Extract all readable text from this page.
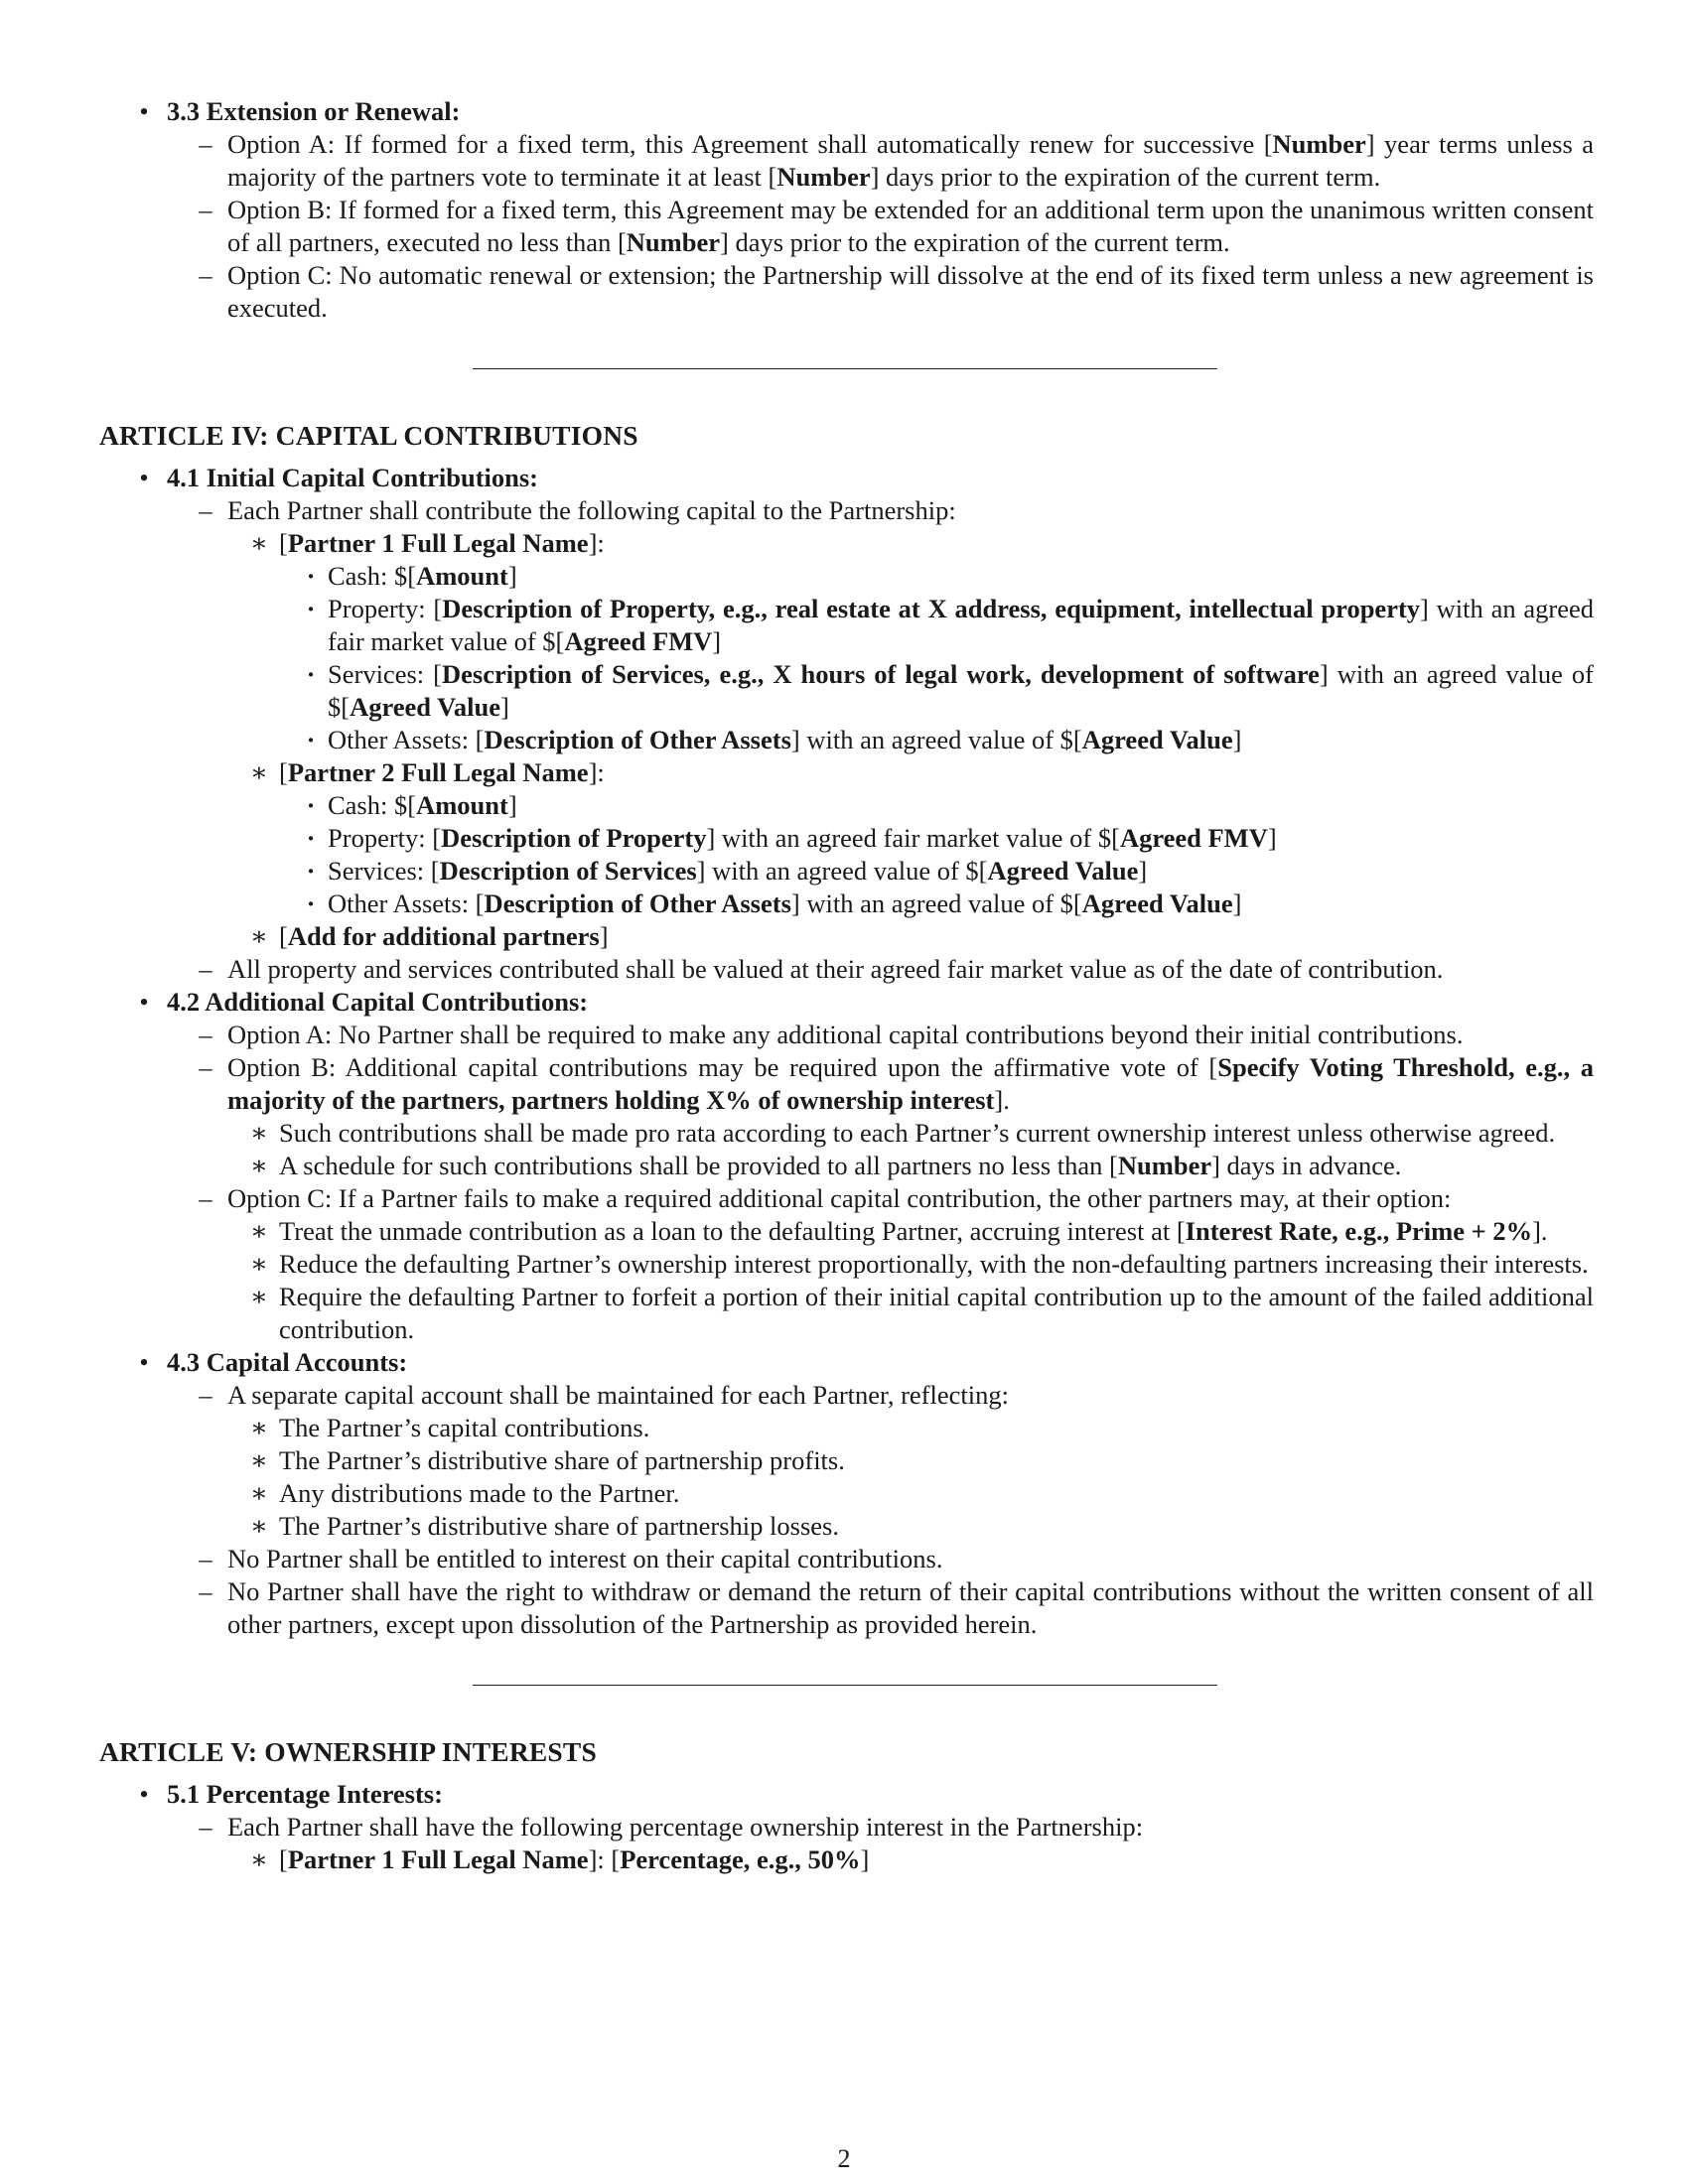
• 3.3 Extension or Renewal:
– Option A: If formed for a fixed term, this Agreement shall automatically renew for successive [Number] year terms unless a majority of the partners vote to terminate it at least [Number] days prior to the expiration of the current term.
– Option B: If formed for a fixed term, this Agreement may be extended for an additional term upon the unanimous written consent of all partners, executed no less than [Number] days prior to the expiration of the current term.
– Option C: No automatic renewal or extension; the Partnership will dissolve at the end of its fixed term unless a new agreement is executed.
ARTICLE IV: CAPITAL CONTRIBUTIONS
• 4.1 Initial Capital Contributions:
– Each Partner shall contribute the following capital to the Partnership:
∗ [Partner 1 Full Legal Name]:
· Cash: $[Amount]
· Property: [Description of Property, e.g., real estate at X address, equipment, intellectual property] with an agreed fair market value of $[Agreed FMV]
· Services: [Description of Services, e.g., X hours of legal work, development of software] with an agreed value of $[Agreed Value]
· Other Assets: [Description of Other Assets] with an agreed value of $[Agreed Value]
∗ [Partner 2 Full Legal Name]:
· Cash: $[Amount]
· Property: [Description of Property] with an agreed fair market value of $[Agreed FMV]
· Services: [Description of Services] with an agreed value of $[Agreed Value]
· Other Assets: [Description of Other Assets] with an agreed value of $[Agreed Value]
∗ [Add for additional partners]
– All property and services contributed shall be valued at their agreed fair market value as of the date of contribution.
• 4.2 Additional Capital Contributions:
– Option A: No Partner shall be required to make any additional capital contributions beyond their initial contributions.
– Option B: Additional capital contributions may be required upon the affirmative vote of [Specify Voting Threshold, e.g., a majority of the partners, partners holding X% of ownership interest].
∗ Such contributions shall be made pro rata according to each Partner’s current ownership interest unless otherwise agreed.
∗ A schedule for such contributions shall be provided to all partners no less than [Number] days in advance.
– Option C: If a Partner fails to make a required additional capital contribution, the other partners may, at their option:
∗ Treat the unmade contribution as a loan to the defaulting Partner, accruing interest at [Interest Rate, e.g., Prime + 2%].
∗ Reduce the defaulting Partner’s ownership interest proportionally, with the non-defaulting partners increasing their interests.
∗ Require the defaulting Partner to forfeit a portion of their initial capital contribution up to the amount of the failed additional contribution.
• 4.3 Capital Accounts:
– A separate capital account shall be maintained for each Partner, reflecting:
∗ The Partner’s capital contributions.
∗ The Partner’s distributive share of partnership profits.
∗ Any distributions made to the Partner.
∗ The Partner’s distributive share of partnership losses.
– No Partner shall be entitled to interest on their capital contributions.
– No Partner shall have the right to withdraw or demand the return of their capital contributions without the written consent of all other partners, except upon dissolution of the Partnership as provided herein.
ARTICLE V: OWNERSHIP INTERESTS
• 5.1 Percentage Interests:
– Each Partner shall have the following percentage ownership interest in the Partnership:
∗ [Partner 1 Full Legal Name]: [Percentage, e.g., 50%]
2
